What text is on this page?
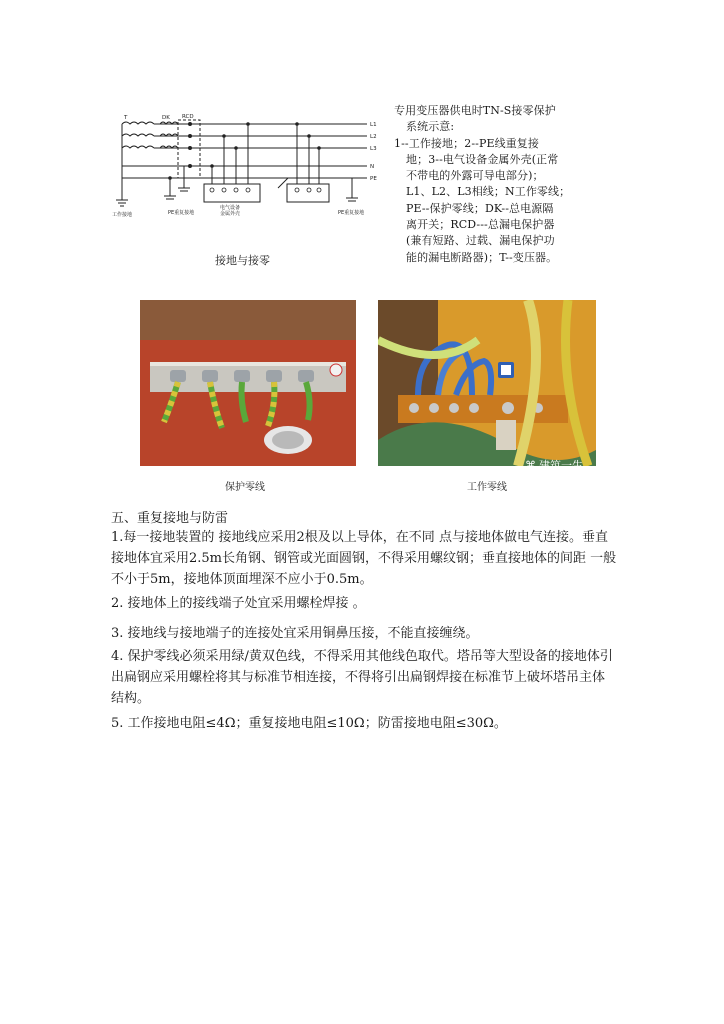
T	DK RCD
L1
L2
L3
N
PE
工作接地	PE重复接地
电气设备
金属外壳	PE重复接地
接地与接零
专用变压器供电时TN-S接零保护
系统示意:
1--工作接地；2--PE线重复接
地；3--电气设备金属外壳(正常
不带电的外露可导电部分)；
L1、L2、L3相线；N工作零线；
PE--保护零线；DK--总电源隔
离开关；RCD---总漏电保护器
(兼有短路、过载、漏电保护功
能的漏电断路器)；T--变压器。
⌘ 建筑一生
保护零线	工作零线
五、重复接地与防雷
1.每一接地装置的 接地线应采用2根及以上导体，在不同 点与接地体做电气连接。垂直接地体宜采用2.5m长角钢、钢管或光面圆钢，不得采用螺纹钢；垂直接地体的间距 一般不小于5m，接地体顶面埋深不应小于0.5m。
2. 接地体上的接线端子处宜采用螺栓焊接 。
3. 接地线与接地端子的连接处宜采用铜鼻压接，不能直接缠绕。
4. 保护零线必须采用绿/黄双色线，不得采用其他线色取代。塔吊等大型设备的接地体引出扁钢应采用螺栓将其与标准节相连接，不得将引出扁钢焊接在标准节上破坏塔吊主体结构。
5. 工作接地电阻≤4Ω；重复接地电阻≤10Ω；防雷接地电阻≤30Ω。
